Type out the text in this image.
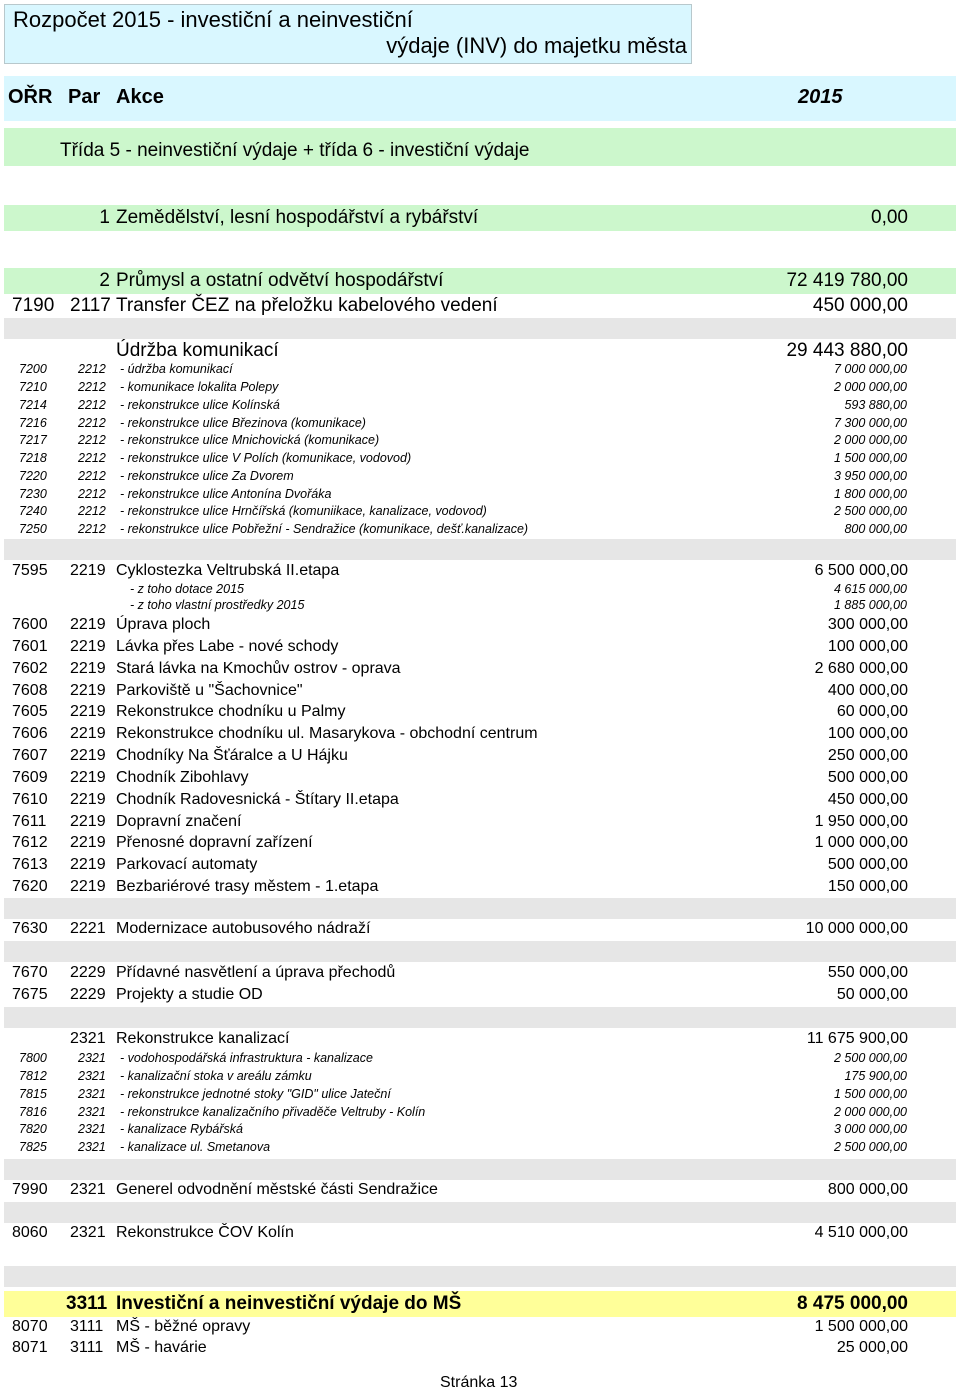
Rozpočet 2015 - investiční a neinvestiční
výdaje (INV) do majetku města
OŘR Par Akce	2015
Třída 5 - neinvestiční výdaje + třída 6 - investiční výdaje
1 Zemědělství, lesní hospodářství a rybářství	0,00
2 Průmysl a ostatní odvětví hospodářství	72 419 780,00
7190 2117 Transfer ČEZ na přeložku kabelového vedení	450 000,00
Údržba komunikací	29 443 880,00
7200 2212 - údržba komunikací	7 000 000,00
7210 2212 - komunikace lokalita Polepy	2 000 000,00
7214 2212 - rekonstrukce ulice Kolínská	593 880,00
7216 2212 - rekonstrukce ulice Březinova (komunikace)	7 300 000,00
7217 2212 - rekonstrukce ulice Mnichovická (komunikace)	2 000 000,00
7218 2212 - rekonstrukce ulice V Polích (komunikace, vodovod)	1 500 000,00
7220 2212 - rekonstrukce ulice Za Dvorem	3 950 000,00
7230 2212 - rekonstrukce ulice Antonína Dvořáka	1 800 000,00
7240 2212 - rekonstrukce ulice Hrnčířská (komuniikace, kanalizace, vodovod)	2 500 000,00
7250 2212 - rekonstrukce ulice Pobřežní - Sendražice (komunikace, dešť.kanalizace)	800 000,00
7595 2219 Cyklostezka Veltrubská II.etapa	6 500 000,00
- z toho dotace 2015	4 615 000,00
- z toho vlastní prostředky 2015	1 885 000,00
7600 2219 Úprava ploch	300 000,00
7601 2219 Lávka přes Labe - nové schody	100 000,00
7602 2219 Stará lávka na Kmochův ostrov - oprava	2 680 000,00
7608 2219 Parkoviště u "Šachovnice"	400 000,00
7605 2219 Rekonstrukce chodníku u Palmy	60 000,00
7606 2219 Rekonstrukce chodníku ul. Masarykova - obchodní centrum	100 000,00
7607 2219 Chodníky Na Šťáralce a U Hájku	250 000,00
7609 2219 Chodník Zibohlavy	500 000,00
7610 2219 Chodník Radovesnická - Štítary II.etapa	450 000,00
7611 2219 Dopravní značení	1 950 000,00
7612 2219 Přenosné dopravní zařízení	1 000 000,00
7613 2219 Parkovací automaty	500 000,00
7620 2219 Bezbariérové trasy městem - 1.etapa	150 000,00
7630 2221 Modernizace autobusového nádraží	10 000 000,00
7670 2229 Přídavné nasvětlení a úprava přechodů	550 000,00
7675 2229 Projekty a studie OD	50 000,00
2321 Rekonstrukce kanalizací	11 675 900,00
7800 2321 - vodohospodářská infrastruktura - kanalizace	2 500 000,00
7812 2321 - kanalizační stoka v areálu zámku	175 900,00
7815 2321 - rekonstrukce jednotné stoky "GID" ulice Jateční	1 500 000,00
7816 2321 - rekonstrukce kanalizačního přivaděče Veltruby - Kolín	2 000 000,00
7820 2321 - kanalizace Rybářská	3 000 000,00
7825 2321 - kanalizace ul. Smetanova	2 500 000,00
7990 2321 Generel odvodnění městské části Sendražice	800 000,00
8060 2321 Rekonstrukce ČOV Kolín	4 510 000,00
3311 Investiční a neinvestiční výdaje do MŠ	8 475 000,00
8070 3111 MŠ - běžné opravy	1 500 000,00
8071 3111 MŠ - havárie	25 000,00
Stránka 13
